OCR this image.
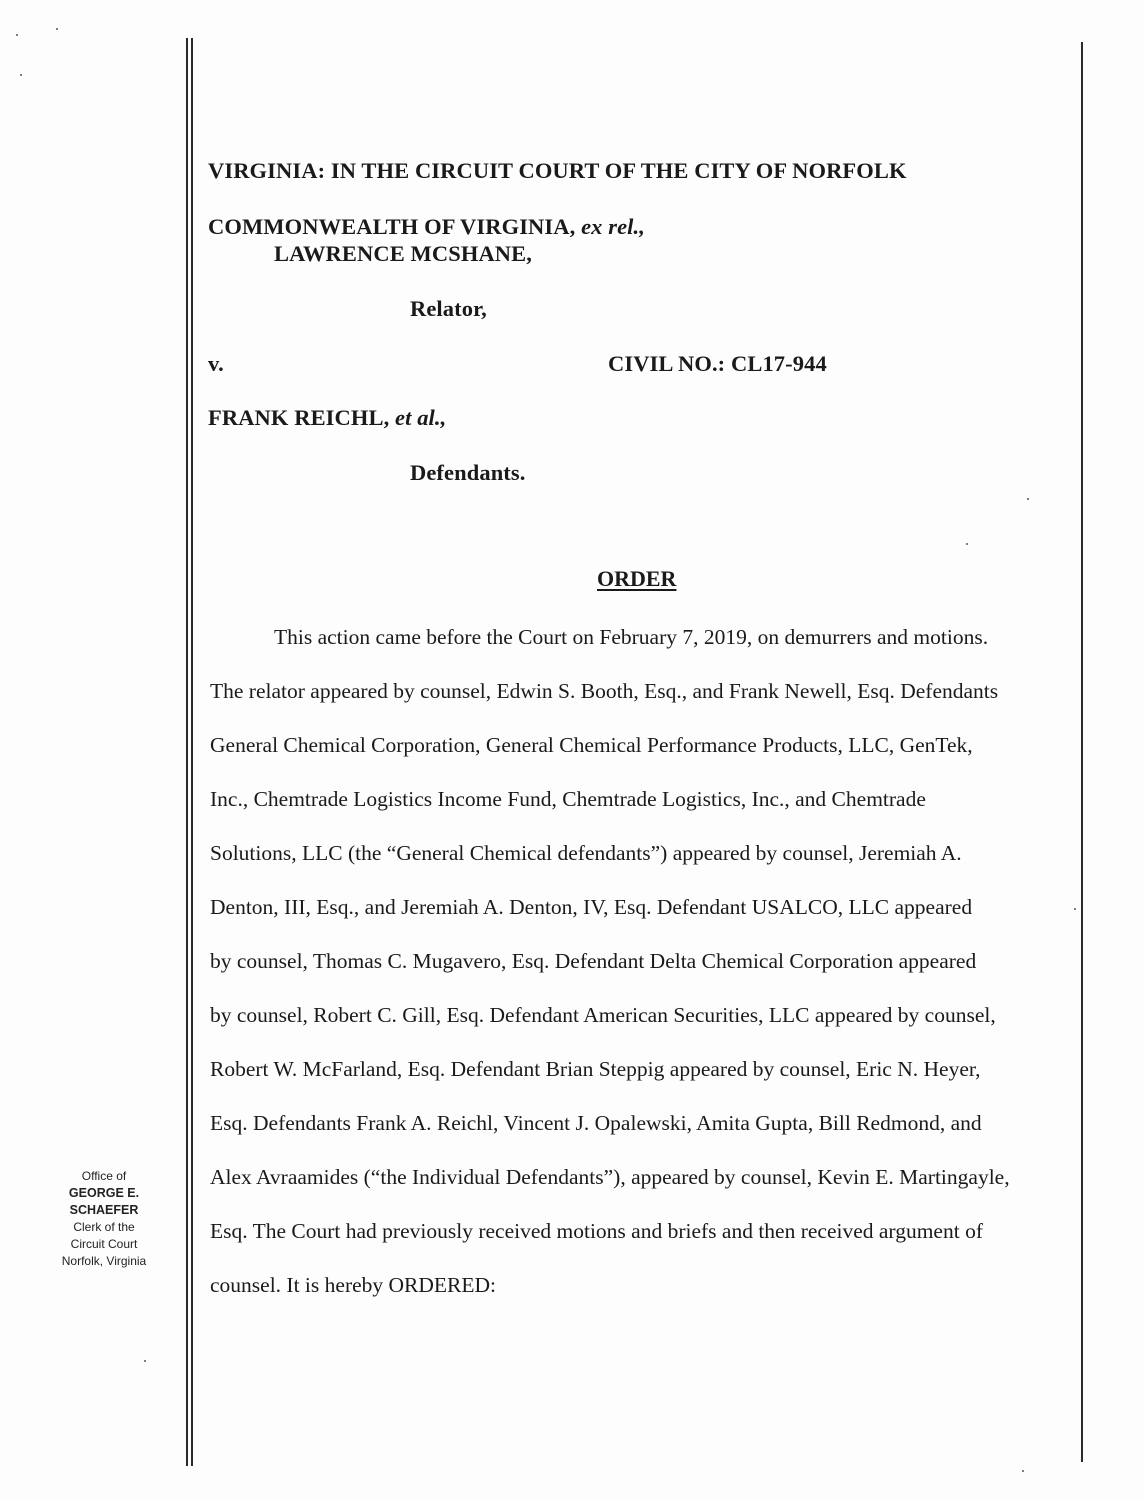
VIRGINIA: IN THE CIRCUIT COURT OF THE CITY OF NORFOLK
COMMONWEALTH OF VIRGINIA, ex rel.,
LAWRENCE MCSHANE,
Relator,
v.	CIVIL NO.: CL17-944
FRANK REICHL, et al.,
Defendants.
ORDER
This action came before the Court on February 7, 2019, on demurrers and motions.
The relator appeared by counsel, Edwin S. Booth, Esq., and Frank Newell, Esq. Defendants
General Chemical Corporation, General Chemical Performance Products, LLC, GenTek,
Inc., Chemtrade Logistics Income Fund, Chemtrade Logistics, Inc., and Chemtrade
Solutions, LLC (the “General Chemical defendants”) appeared by counsel, Jeremiah A.
Denton, III, Esq., and Jeremiah A. Denton, IV, Esq. Defendant USALCO, LLC appeared
by counsel, Thomas C. Mugavero, Esq. Defendant Delta Chemical Corporation appeared
by counsel, Robert C. Gill, Esq. Defendant American Securities, LLC appeared by counsel,
Robert W. McFarland, Esq. Defendant Brian Steppig appeared by counsel, Eric N. Heyer,
Esq. Defendants Frank A. Reichl, Vincent J. Opalewski, Amita Gupta, Bill Redmond, and
Alex Avraamides (“the Individual Defendants”), appeared by counsel, Kevin E. Martingayle,
Esq. The Court had previously received motions and briefs and then received argument of
counsel. It is hereby ORDERED:
Office of
GEORGE E. SCHAEFER
Clerk of the
Circuit Court
Norfolk, Virginia
